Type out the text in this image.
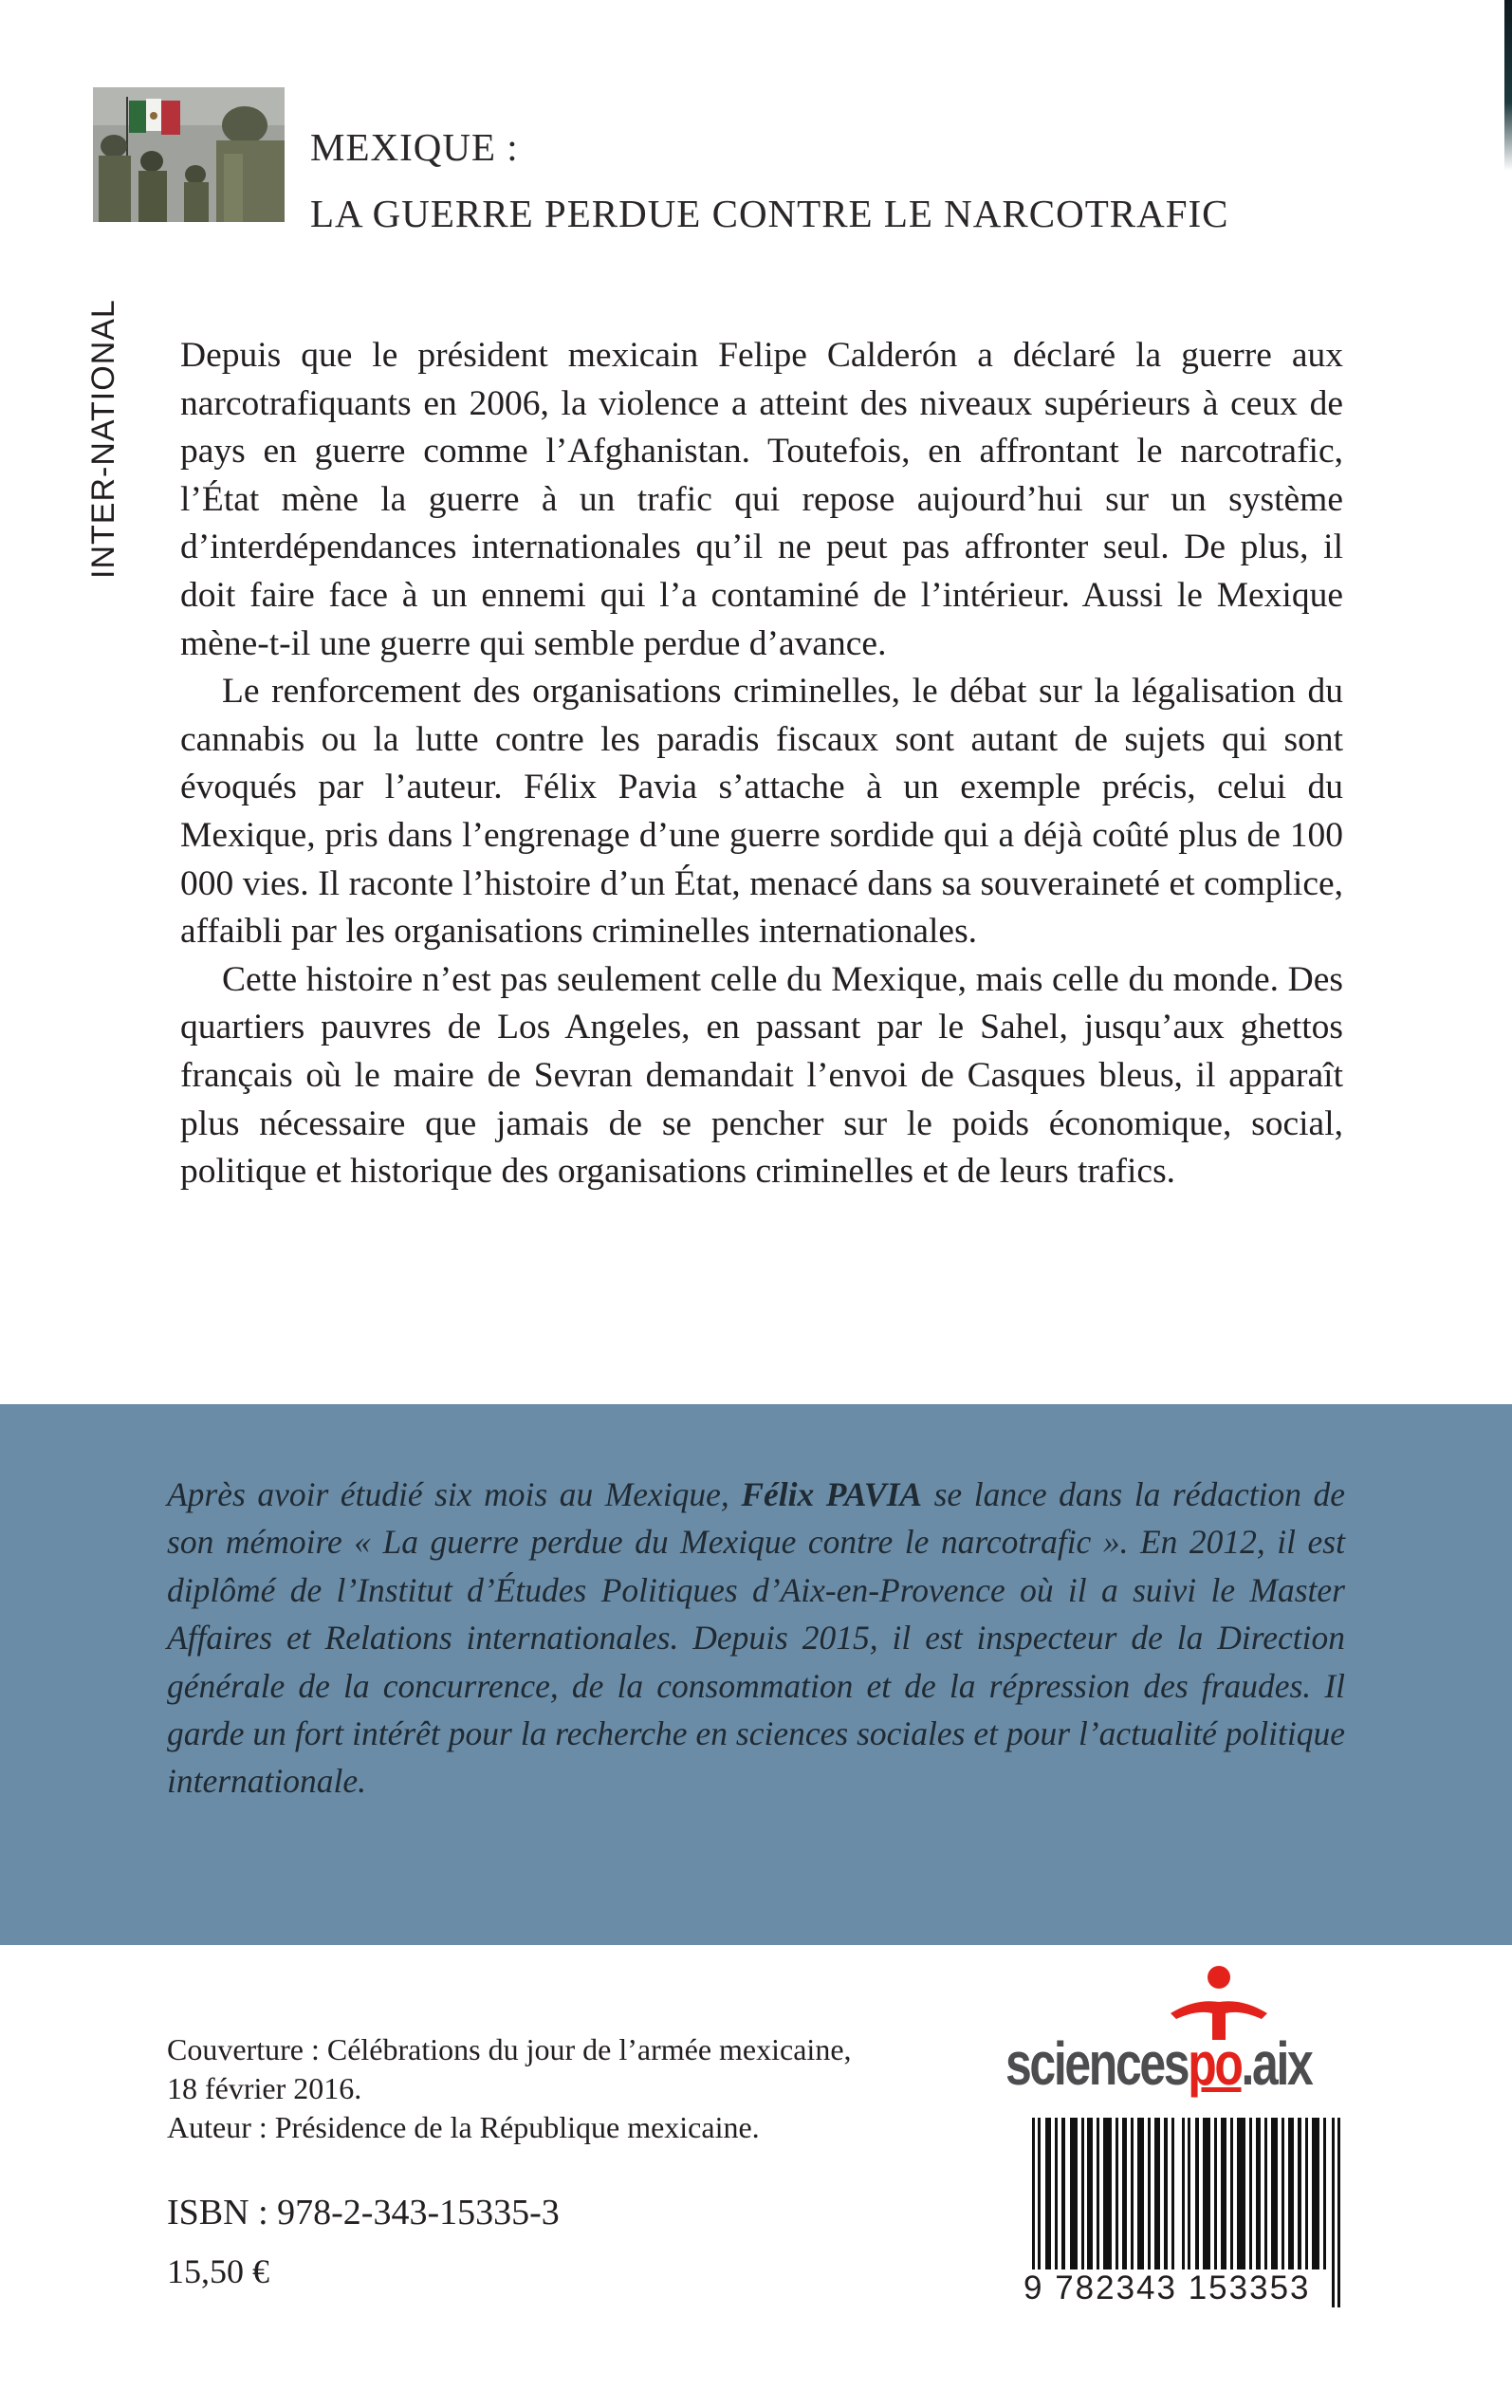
INTER-NATIONAL
MEXIQUE :
LA GUERRE PERDUE CONTRE LE NARCOTRAFIC

Depuis que le président mexicain Felipe Calderón a déclaré la guerre aux narcotrafiquants en 2006, la violence a atteint des niveaux supérieurs à ceux de pays en guerre comme l’Afghanistan. Toutefois, en affrontant le narcotrafic, l’État mène la guerre à un trafic qui repose aujourd’hui sur un système d’interdépendances internationales qu’il ne peut pas affronter seul. De plus, il doit faire face à un ennemi qui l’a contaminé de l’intérieur. Aussi le Mexique mène-t-il une guerre qui semble perdue d’avance.

Le renforcement des organisations criminelles, le débat sur la légalisation du cannabis ou la lutte contre les paradis fiscaux sont autant de sujets qui sont évoqués par l’auteur. Félix Pavia s’attache à un exemple précis, celui du Mexique, pris dans l’engrenage d’une guerre sordide qui a déjà coûté plus de 100 000 vies. Il raconte l’histoire d’un État, menacé dans sa souveraineté et complice, affaibli par les organisations criminelles internationales.

Cette histoire n’est pas seulement celle du Mexique, mais celle du monde. Des quartiers pauvres de Los Angeles, en passant par le Sahel, jusqu’aux ghettos français où le maire de Sevran demandait l’envoi de Casques bleus, il apparaît plus nécessaire que jamais de se pencher sur le poids économique, social, politique et historique des organisations criminelles et de leurs trafics.

Après avoir étudié six mois au Mexique, Félix PAVIA se lance dans la rédaction de son mémoire « La guerre perdue du Mexique contre le narcotrafic ». En 2012, il est diplômé de l’Institut d’Études Politiques d’Aix-en-Provence où il a suivi le Master Affaires et Relations internationales. Depuis 2015, il est inspecteur de la Direction générale de la concurrence, de la consommation et de la répression des fraudes. Il garde un fort intérêt pour la recherche en sciences sociales et pour l’actualité politique internationale.
Couverture : Célébrations du jour de l’armée mexicaine,
18 février 2016.
Auteur : Présidence de la République mexicaine.
ISBN : 978-2-343-15335-3
15,50 €
sciencespo.aix
9 782343 153353
